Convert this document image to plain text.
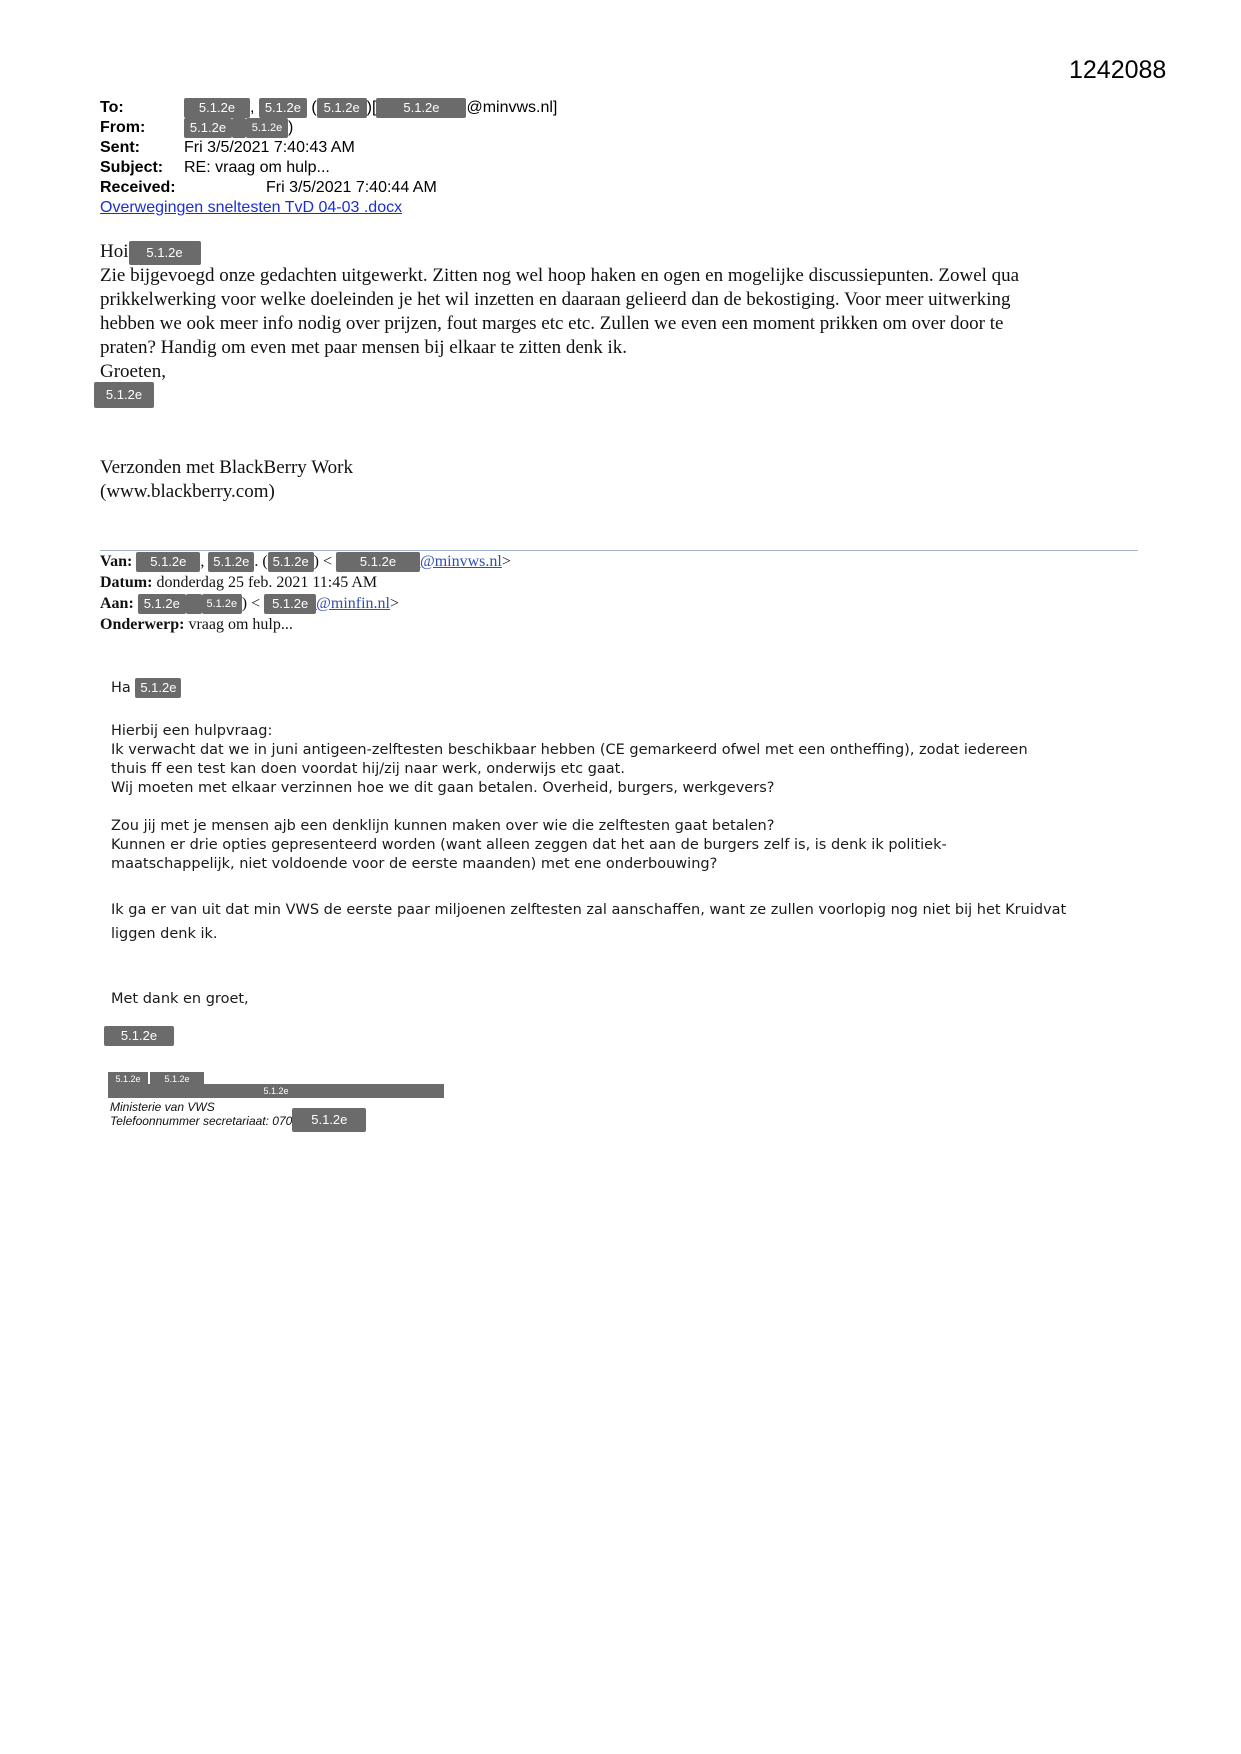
1242088
To:	5.1.2e , 5.1.2e ( 5.1.2e )[ 5.1.2e @minvws.nl]
From:	5.1.2e 5.1.2e )
Sent:	Fri 3/5/2021 7:40:43 AM
Subject: RE: vraag om hulp...
Received:	Fri 3/5/2021 7:40:44 AM
Overwegingen sneltesten TvD 04-03 .docx
Hoi 5.1.2e
Zie bijgevoegd onze gedachten uitgewerkt. Zitten nog wel hoop haken en ogen en mogelijke discussiepunten. Zowel qua
prikkelwerking voor welke doeleinden je het wil inzetten en daaraan gelieerd dan de bekostiging. Voor meer uitwerking
hebben we ook meer info nodig over prijzen, fout marges etc etc. Zullen we even een moment prikken om over door te
praten? Handig om even met paar mensen bij elkaar te zitten denk ik.
Groeten,
5.1.2e
Verzonden met BlackBerry Work
(www.blackberry.com)
Van: 5.1.2e , 5.1.2e . ( 5.1.2e ) < 5.1.2e @minvws.nl>
Datum: donderdag 25 feb. 2021 11:45 AM
Aan: 5.1.2e 5.1.2e ) < 5.1.2e @minfin.nl>
Onderwerp: vraag om hulp...
Ha 5.1.2e
Hierbij een hulpvraag:
Ik verwacht dat we in juni antigeen-zelftesten beschikbaar hebben (CE gemarkeerd ofwel met een ontheffing), zodat iedereen
thuis ff een test kan doen voordat hij/zij naar werk, onderwijs etc gaat.
Wij moeten met elkaar verzinnen hoe we dit gaan betalen. Overheid, burgers, werkgevers?
Zou jij met je mensen ajb een denklijn kunnen maken over wie die zelftesten gaat betalen?
Kunnen er drie opties gepresenteerd worden (want alleen zeggen dat het aan de burgers zelf is, is denk ik politiek-
maatschappelijk, niet voldoende voor de eerste maanden) met ene onderbouwing?
Ik ga er van uit dat min VWS de eerste paar miljoenen zelftesten zal aanschaffen, want ze zullen voorlopig nog niet bij het Kruidvat
liggen denk ik.
Met dank en groet,
5.1.2e
5.1.2e
5.1.2e	5.1.2e
Ministerie van VWS
$^{Telefoonnummer secretariaat: 070}$ 5.1.2e
